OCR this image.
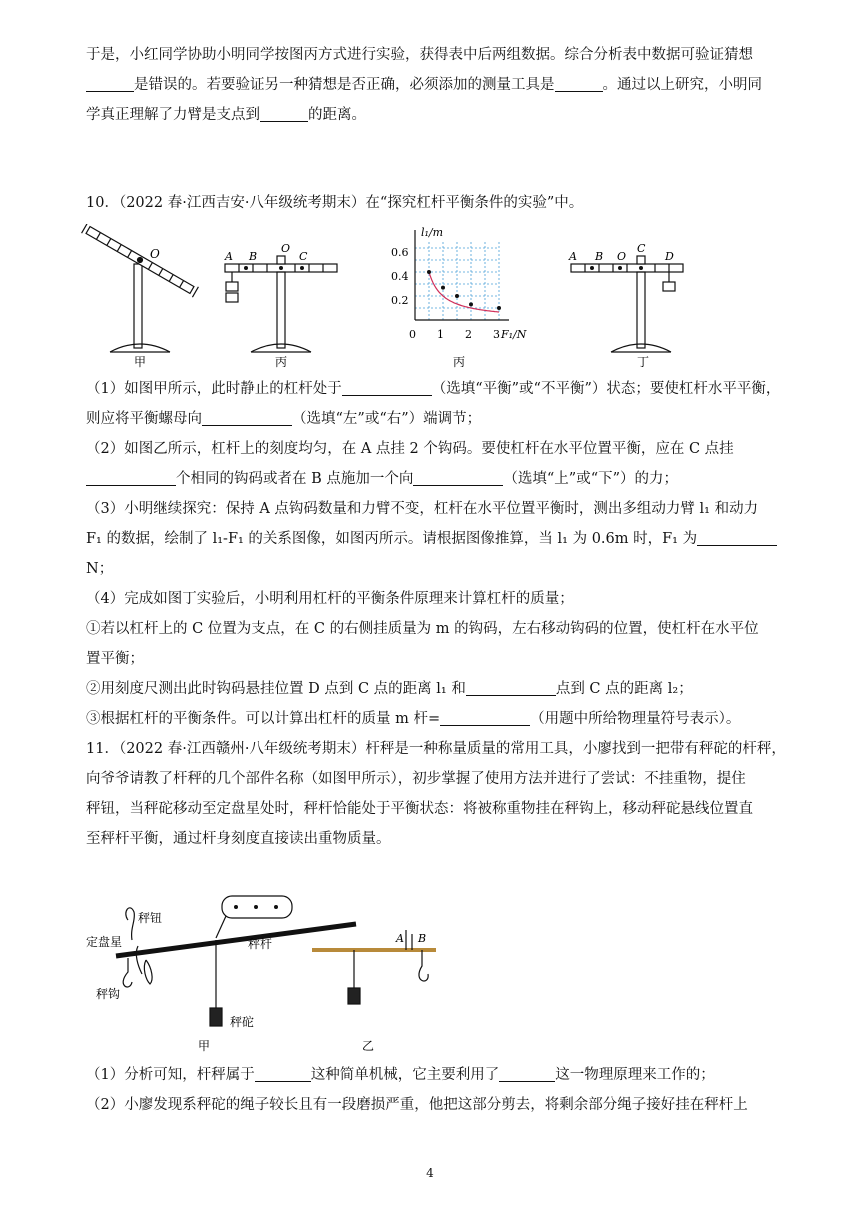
于是，小红同学协助小明同学按图丙方式进行实验，获得表中后两组数据。综合分析表中数据可验证猜想
是错误的。若要验证另一种猜想是否正确，必须添加的测量工具是	。通过以上研究，小明同
学真正理解了力臂是支点到	的距离。
10．（2022 春·江西吉安·八年级统考期末）在“探究杠杆平衡条件的实验”中。
O
甲
A B
O
C
丙
l₁/m
0.6
0.4
0.2
0 1 2 3 F₁/N
丙
A B O
C
D
丁
（1）如图甲所示，此时静止的杠杆处于	（选填“平衡”或“不平衡”）状态；要使杠杆水平平衡，
则应将平衡螺母向	（选填“左”或“右”）端调节；
（2）如图乙所示，杠杆上的刻度均匀，在 A 点挂 2 个钩码。要使杠杆在水平位置平衡，应在 C 点挂
个相同的钩码或者在 B 点施加一个向	（选填“上”或“下”）的力；
（3）小明继续探究：保持 A 点钩码数量和力臂不变，杠杆在水平位置平衡时，测出多组动力臂 l₁ 和动力
F₁ 的数据，绘制了 l₁-F₁ 的关系图像，如图丙所示。请根据图像推算，当 l₁ 为 0.6m 时，F₁ 为N；
（4）完成如图丁实验后，小明利用杠杆的平衡条件原理来计算杠杆的质量；
①若以杠杆上的 C 位置为支点，在 C 的右侧挂质量为 m 的钩码，左右移动钩码的位置，使杠杆在水平位
置平衡；
②用刻度尺测出此时钩码悬挂位置 D 点到 C 点的距离 l₁ 和	点到 C 点的距离 l₂；
③根据杠杆的平衡条件。可以计算出杠杆的质量 m 杆=	（用题中所给物理量符号表示）。
11．（2022 春·江西赣州·八年级统考期末）杆秤是一种称量质量的常用工具，小廖找到一把带有秤砣的杆秤，
向爷爷请教了杆秤的几个部件名称（如图甲所示），初步掌握了使用方法并进行了尝试：不挂重物，提住
秤钮，当秤砣移动至定盘星处时，秤杆恰能处于平衡状态：将被称重物挂在秤钩上，移动秤砣悬线位置直
至秤杆平衡，通过杆身刻度直接读出重物质量。
秤钮
定盘星	秤杆
秤钩
秤砣
甲
A B
乙
（1）分析可知，杆秤属于	这种简单机械，它主要利用了	这一物理原理来工作的；
（2）小廖发现系秤砣的绳子较长且有一段磨损严重，他把这部分剪去，将剩余部分绳子接好挂在秤杆上
4
